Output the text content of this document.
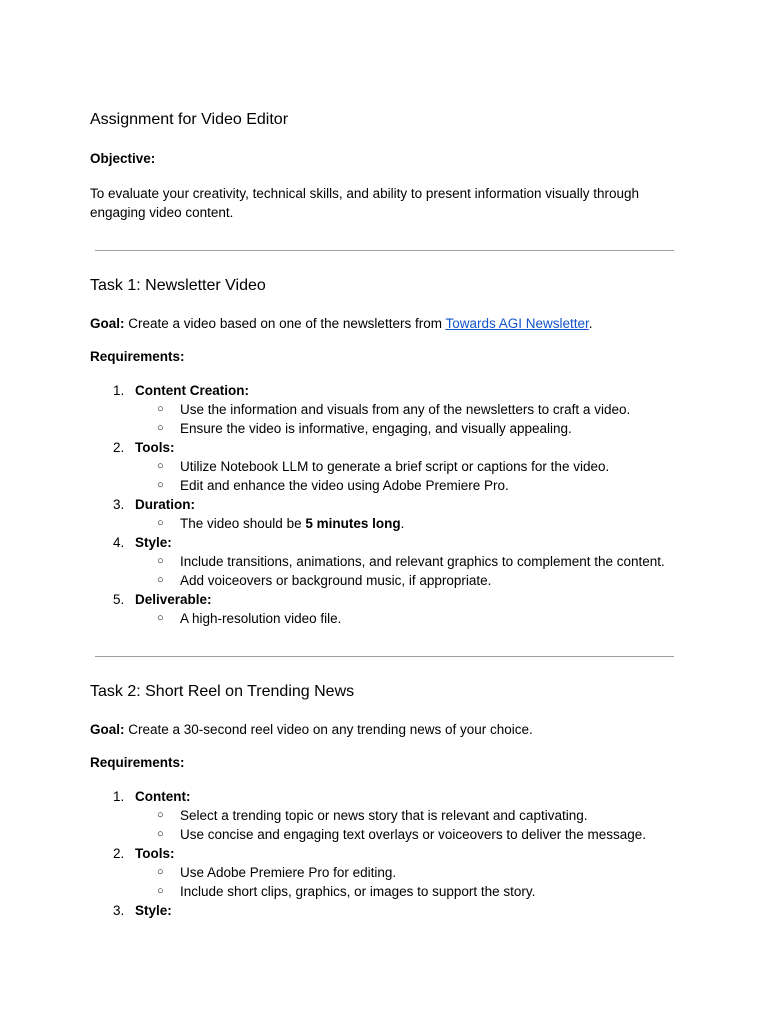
Assignment for Video Editor
Objective:

To evaluate your creativity, technical skills, and ability to present information visually through engaging video content.

Task 1: Newsletter Video

Goal: Create a video based on one of the newsletters from Towards AGI Newsletter.

Requirements:
1. Content Creation:
○ Use the information and visuals from any of the newsletters to craft a video.
○ Ensure the video is informative, engaging, and visually appealing.
2. Tools:
○ Utilize Notebook LLM to generate a brief script or captions for the video.
○ Edit and enhance the video using Adobe Premiere Pro.
3. Duration:
○ The video should be 5 minutes long.
4. Style:
○ Include transitions, animations, and relevant graphics to complement the content.
○ Add voiceovers or background music, if appropriate.
5. Deliverable:
○ A high-resolution video file.
Task 2: Short Reel on Trending News

Goal: Create a 30-second reel video on any trending news of your choice.

Requirements:
1. Content:
○ Select a trending topic or news story that is relevant and captivating.
○ Use concise and engaging text overlays or voiceovers to deliver the message.
2. Tools:
○ Use Adobe Premiere Pro for editing.
○ Include short clips, graphics, or images to support the story.
3. Style:
